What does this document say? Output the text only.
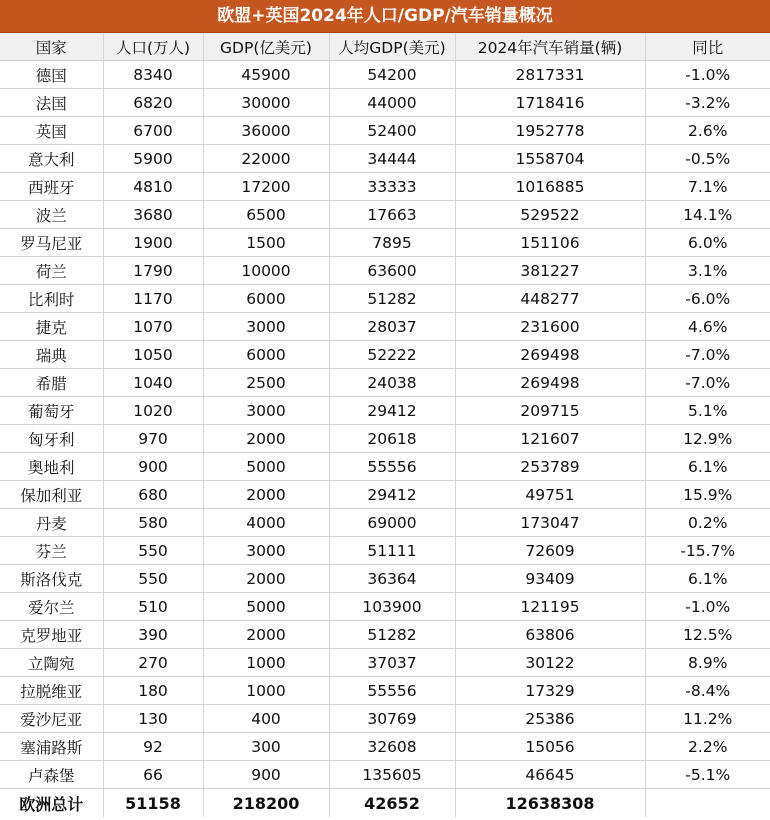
欧盟+英国2024年人口/GDP/汽车销量概况
国家	人口(万人)	GDP(亿美元)	人均GDP(美元)	2024年汽车销量(辆)	同比
德国	8340	45900	54200	2817331	-1.0%
法国	6820	30000	44000	1718416	-3.2%
英国	6700	36000	52400	1952778	2.6%
意大利	5900	22000	34444	1558704	-0.5%
西班牙	4810	17200	33333	1016885	7.1%
波兰	3680	6500	17663	529522	14.1%
罗马尼亚	1900	1500	7895	151106	6.0%
荷兰	1790	10000	63600	381227	3.1%
比利时	1170	6000	51282	448277	-6.0%
捷克	1070	3000	28037	231600	4.6%
瑞典	1050	6000	52222	269498	-7.0%
希腊	1040	2500	24038	269498	-7.0%
葡萄牙	1020	3000	29412	209715	5.1%
匈牙利	970	2000	20618	121607	12.9%
奥地利	900	5000	55556	253789	6.1%
保加利亚	680	2000	29412	49751	15.9%
丹麦	580	4000	69000	173047	0.2%
芬兰	550	3000	51111	72609	-15.7%
斯洛伐克	550	2000	36364	93409	6.1%
爱尔兰	510	5000	103900	121195	-1.0%
克罗地亚	390	2000	51282	63806	12.5%
立陶宛	270	1000	37037	30122	8.9%
拉脱维亚	180	1000	55556	17329	-8.4%
爱沙尼亚	130	400	30769	25386	11.2%
塞浦路斯	92	300	32608	15056	2.2%
卢森堡	66	900	135605	46645	-5.1%
欧洲总计	51158	218200	42652	12638308	
